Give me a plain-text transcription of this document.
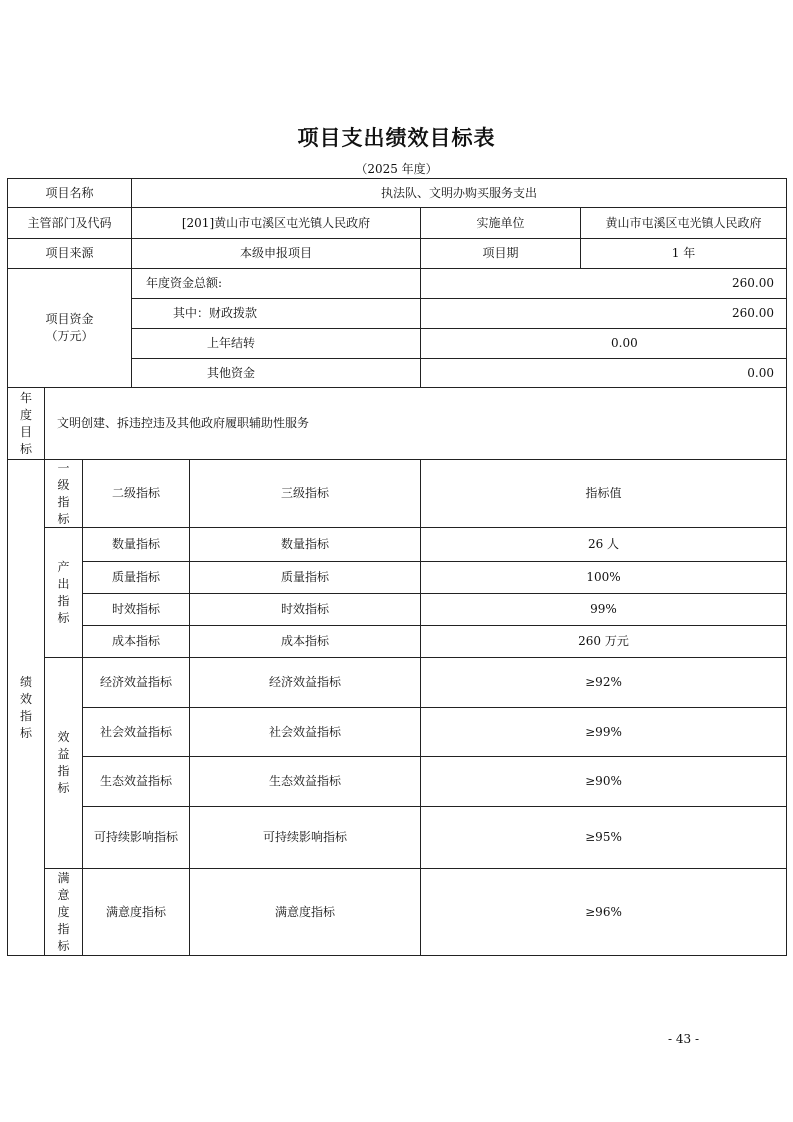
项目支出绩效目标表
（2025 年度）
项目名称	执法队、文明办购买服务支出
主管部门及代码	[201]黄山市屯溪区屯光镇人民政府	实施单位	黄山市屯溪区屯光镇人民政府
项目来源	本级申报项目	项目期	1 年
项目资金
（万元）
年度资金总额:	260.00
其中：财政拨款	260.00
上年结转	0.00
其他资金	0.00
年度目标
文明创建、拆违控违及其他政府履职辅助性服务
绩效指标
一级指标
二级指标	三级指标	指标值
产出指标
效益指标
满意度指标
数量指标	数量指标	26 人
质量指标	质量指标	100%
时效指标	时效指标	99%
成本指标	成本指标	260 万元
经济效益指标	经济效益指标	≥92%
社会效益指标	社会效益指标	≥99%
生态效益指标	生态效益指标	≥90%
可持续影响指标	可持续影响指标	≥95%
满意度指标	满意度指标	≥96%
- 43 -
